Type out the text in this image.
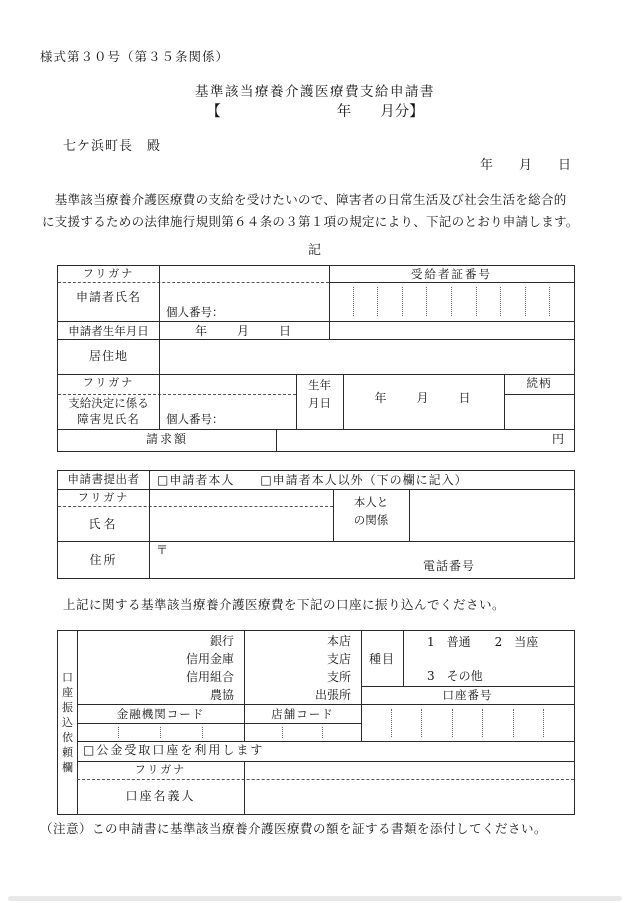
様式第３０号（第３５条関係）
基準該当療養介護医療費支給申請書
【　　　　　　　　年　　月分】
七ケ浜町長　殿
年　　月　　日
　基準該当療養介護医療費の支給を受けたいので、障害者の日常生活及び社会生活を総合的
に支援するための法律施行規則第６４条の３第１項の規定により、下記のとおり申請します。
記
フリガナ	受給者証番号
申請者氏名
個人番号：
申請者生年月日	年　　月　　日
居住地
フリガナ
支給決定に係る
障害児氏名	個人番号：
生年
月日	年　　月　　日
続柄
請求額	円
申請書提出者	□申請者本人　　□申請者本人以外（下の欄に記入）
フリガナ
氏名
本人と
の関係
住所
〒
電話番号
上記に関する基準該当療養介護医療費を下記の口座に振り込んでください。
口座振込依頼欄
銀行
信用金庫
信用組合
農協
本店
支店
支所
出張所
種目
1　普通　　2　当座
3　その他
口座番号
金融機関コード	店舗コード
□公金受取口座を利用します
フリガナ
口座名義人
（注意）この申請書に基準該当療養介護医療費の額を証する書類を添付してください。
